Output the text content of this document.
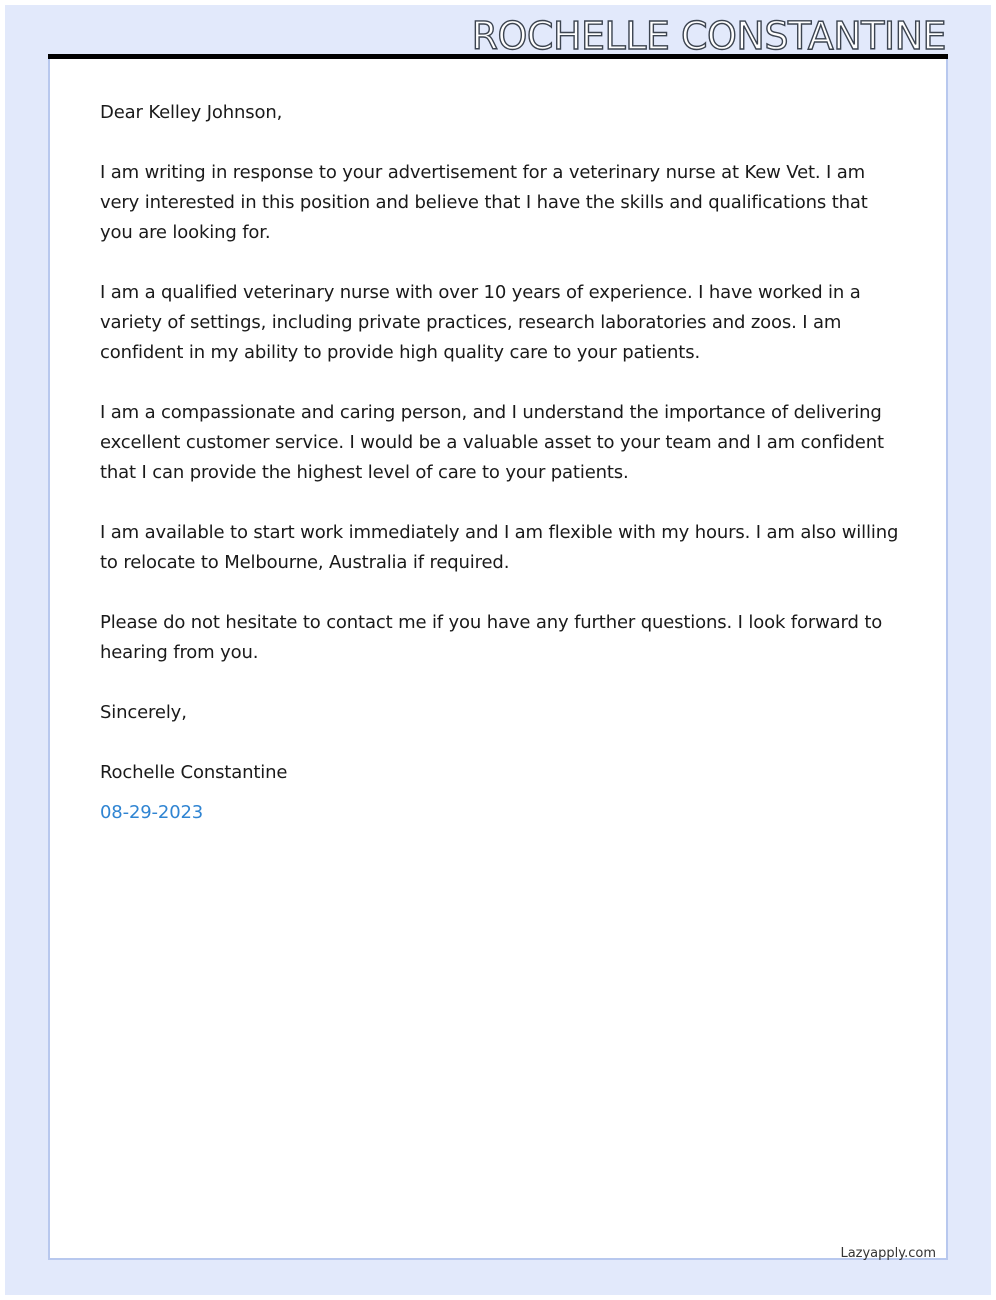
ROCHELLE CONSTANTINE

Dear Kelley Johnson,

I am writing in response to your advertisement for a veterinary nurse at Kew Vet. I am very interested in this position and believe that I have the skills and qualifications that you are looking for.

I am a qualified veterinary nurse with over 10 years of experience. I have worked in a variety of settings, including private practices, research laboratories and zoos. I am confident in my ability to provide high quality care to your patients.

I am a compassionate and caring person, and I understand the importance of delivering excellent customer service. I would be a valuable asset to your team and I am confident that I can provide the highest level of care to your patients.

I am available to start work immediately and I am flexible with my hours. I am also willing to relocate to Melbourne, Australia if required.

Please do not hesitate to contact me if you have any further questions. I look forward to hearing from you.

Sincerely,

Rochelle Constantine

08-29-2023

Lazyapply.com
